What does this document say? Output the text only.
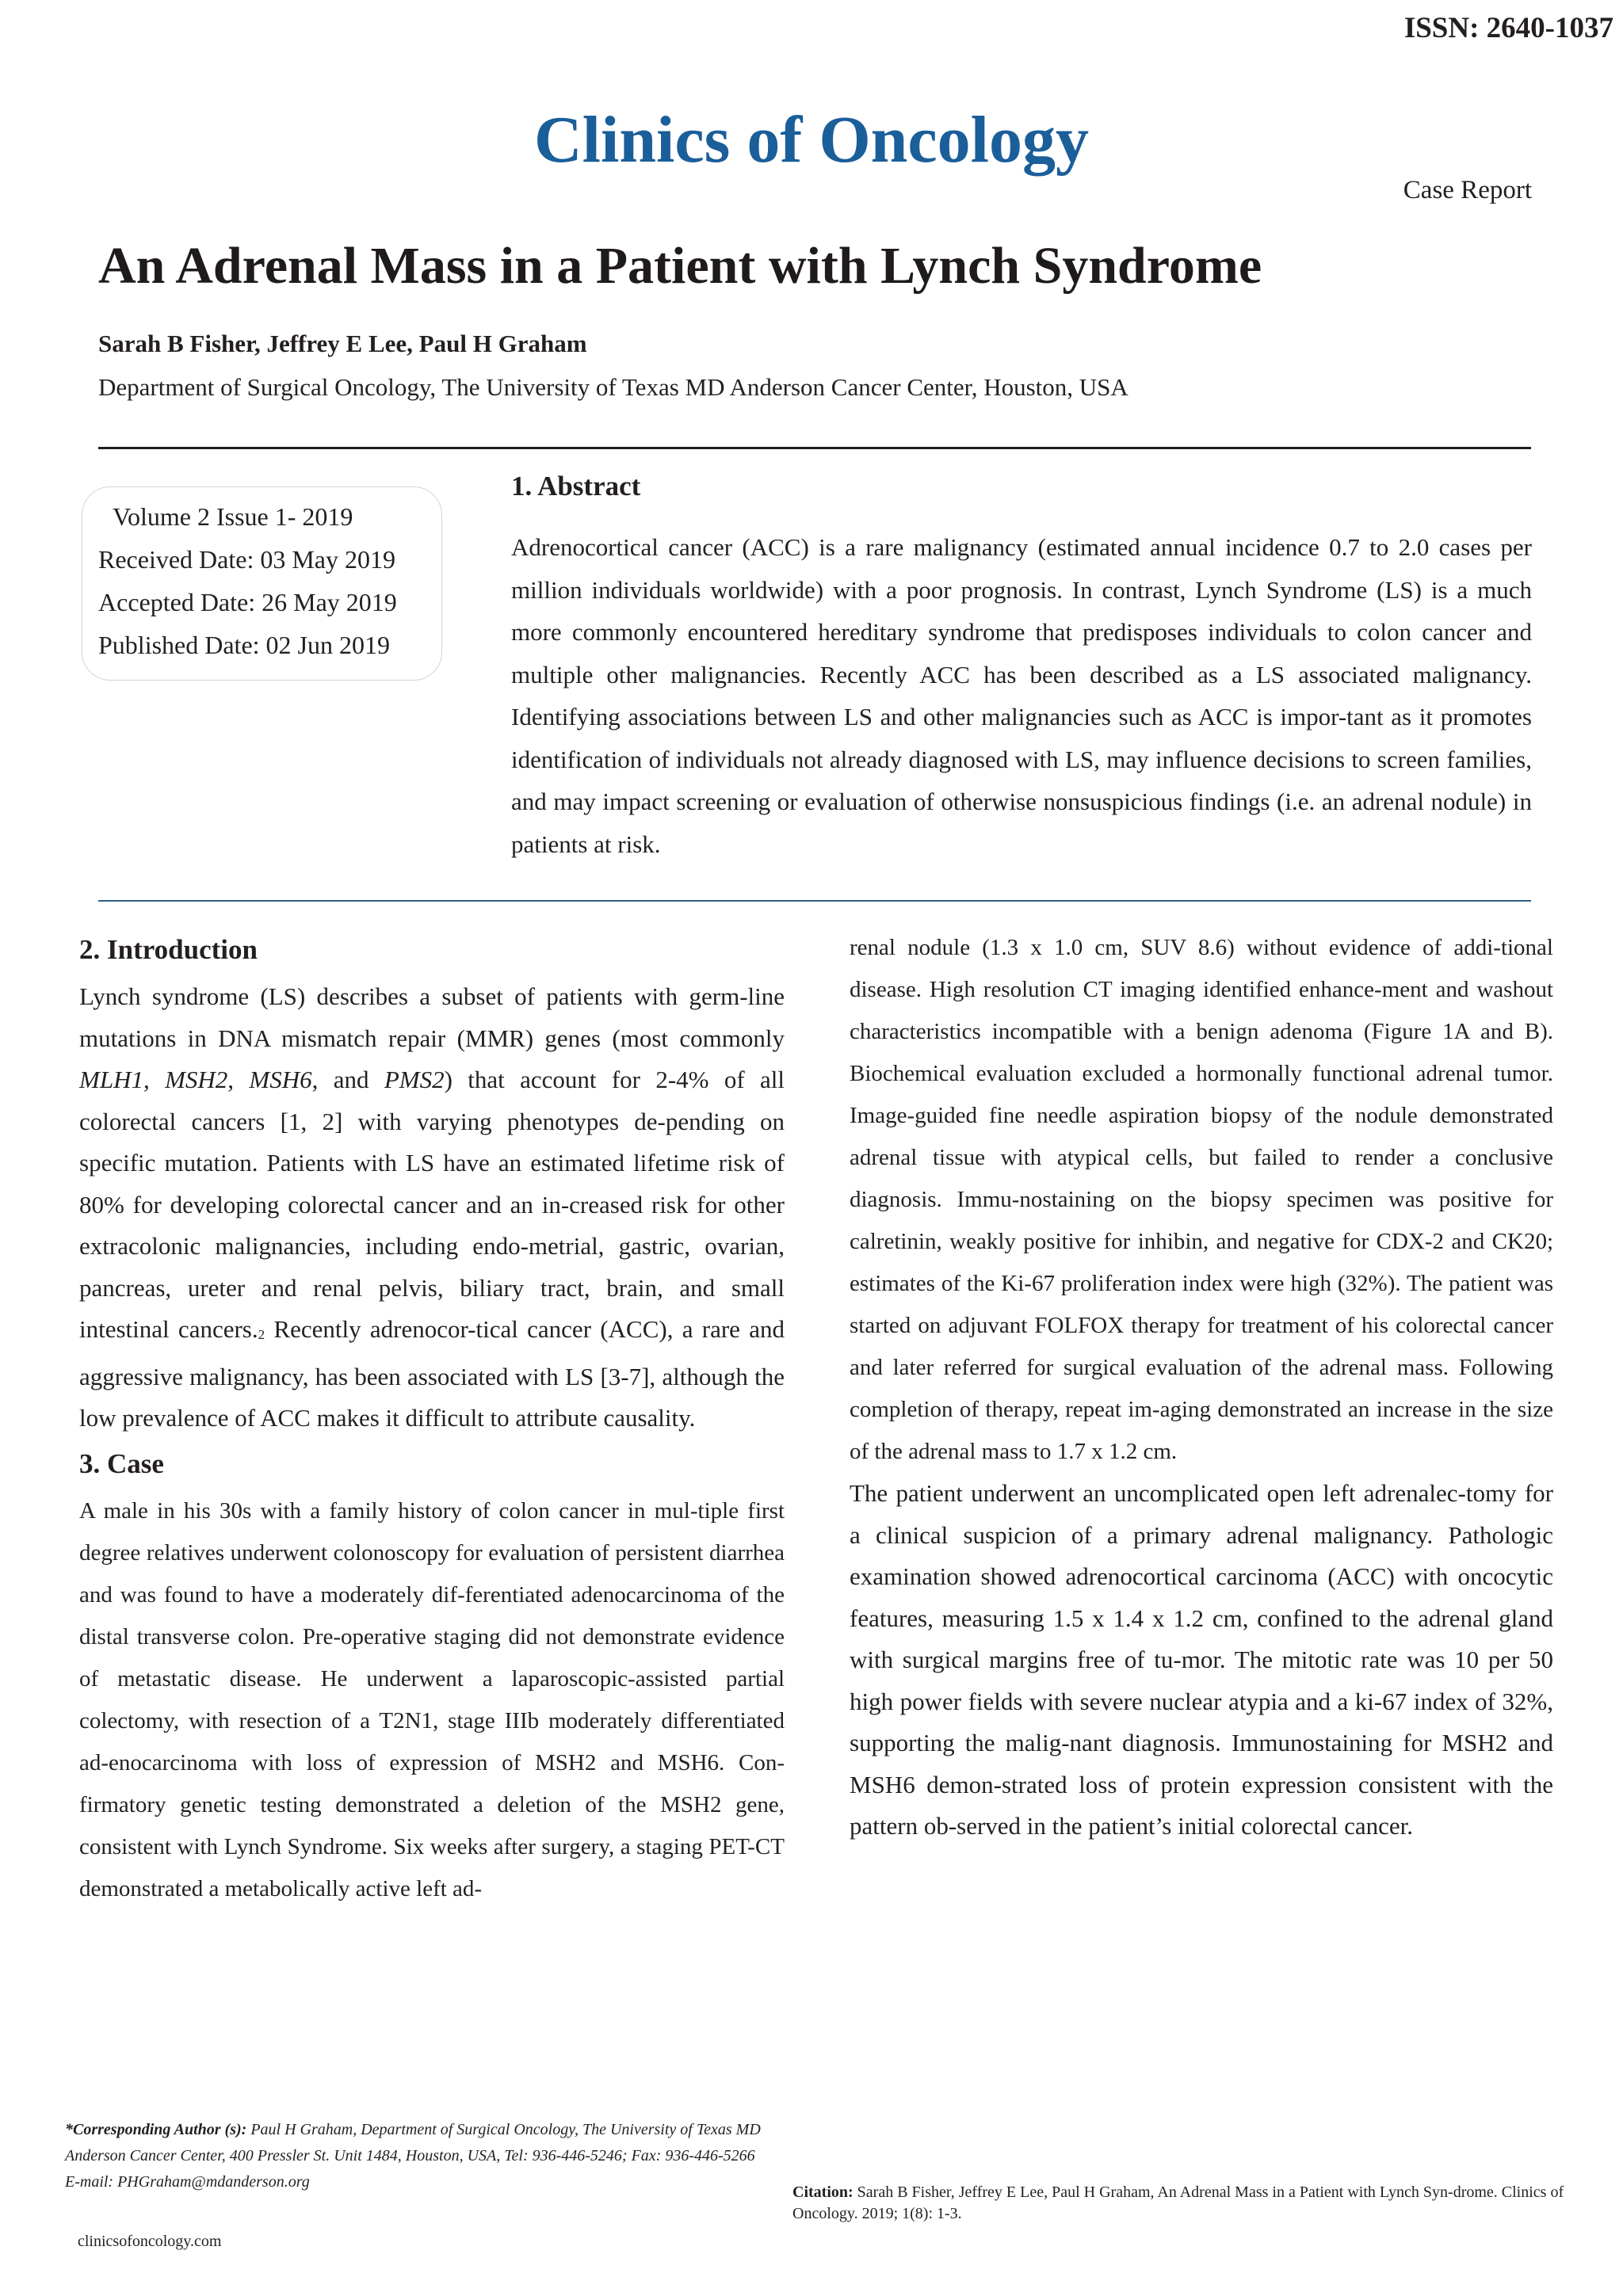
ISSN: 2640-1037
Clinics of Oncology
Case Report
An Adrenal Mass in a Patient with Lynch Syndrome
Sarah B Fisher, Jeffrey E Lee, Paul H Graham
Department of Surgical Oncology, The University of Texas MD Anderson Cancer Center, Houston, USA
Volume 2 Issue 1- 2019
Received Date: 03 May 2019
Accepted Date: 26 May 2019
Published Date: 02 Jun 2019
1. Abstract
Adrenocortical cancer (ACC) is a rare malignancy (estimated annual incidence 0.7 to 2.0 cases per million individuals worldwide) with a poor prognosis. In contrast, Lynch Syndrome (LS) is a much more commonly encountered hereditary syndrome that predisposes individuals to colon cancer and multiple other malignancies. Recently ACC has been described as a LS associated malignancy. Identifying associations between LS and other malignancies such as ACC is impor-tant as it promotes identification of individuals not already diagnosed with LS, may influence decisions to screen families, and may impact screening or evaluation of otherwise nonsuspicious findings (i.e. an adrenal nodule) in patients at risk.
2. Introduction

Lynch syndrome (LS) describes a subset of patients with germ-line mutations in DNA mismatch repair (MMR) genes (most commonly MLH1, MSH2, MSH6, and PMS2) that account for 2-4% of all colorectal cancers [1, 2] with varying phenotypes de-pending on specific mutation. Patients with LS have an estimated lifetime risk of 80% for developing colorectal cancer and an in-creased risk for other extracolonic malignancies, including endo-metrial, gastric, ovarian, pancreas, ureter and renal pelvis, biliary tract, brain, and small intestinal cancers.2 Recently adrenocor-tical cancer (ACC), a rare and aggressive malignancy, has been associated with LS [3-7], although the low prevalence of ACC makes it difficult to attribute causality.

3. Case

A male in his 30s with a family history of colon cancer in mul-tiple first degree relatives underwent colonoscopy for evaluation of persistent diarrhea and was found to have a moderately dif-ferentiated adenocarcinoma of the distal transverse colon. Pre-operative staging did not demonstrate evidence of metastatic disease. He underwent a laparoscopic-assisted partial colectomy, with resection of a T2N1, stage IIIb moderately differentiated ad-enocarcinoma with loss of expression of MSH2 and MSH6. Con-firmatory genetic testing demonstrated a deletion of the MSH2 gene, consistent with Lynch Syndrome. Six weeks after surgery, a staging PET-CT demonstrated a metabolically active left ad-

renal nodule (1.3 x 1.0 cm, SUV 8.6) without evidence of addi-tional disease. High resolution CT imaging identified enhance-ment and washout characteristics incompatible with a benign adenoma (Figure 1A and B). Biochemical evaluation excluded a hormonally functional adrenal tumor. Image-guided fine needle aspiration biopsy of the nodule demonstrated adrenal tissue with atypical cells, but failed to render a conclusive diagnosis. Immu-nostaining on the biopsy specimen was positive for calretinin, weakly positive for inhibin, and negative for CDX-2 and CK20; estimates of the Ki-67 proliferation index were high (32%). The patient was started on adjuvant FOLFOX therapy for treatment of his colorectal cancer and later referred for surgical evaluation of the adrenal mass. Following completion of therapy, repeat im-aging demonstrated an increase in the size of the adrenal mass to 1.7 x 1.2 cm.

The patient underwent an uncomplicated open left adrenalec-tomy for a clinical suspicion of a primary adrenal malignancy. Pathologic examination showed adrenocortical carcinoma (ACC) with oncocytic features, measuring 1.5 x 1.4 x 1.2 cm, confined to the adrenal gland with surgical margins free of tu-mor. The mitotic rate was 10 per 50 high power fields with severe nuclear atypia and a ki-67 index of 32%, supporting the malig-nant diagnosis. Immunostaining for MSH2 and MSH6 demon-strated loss of protein expression consistent with the pattern ob-served in the patient’s initial colorectal cancer.

*Corresponding Author (s): Paul H Graham, Department of Surgical Oncology, The University of Texas MD Anderson Cancer Center, 400 Pressler St. Unit 1484, Houston, USA, Tel: 936-446-5246; Fax: 936-446-5266 E-mail: PHGraham@mdanderson.org
Citation: Sarah B Fisher, Jeffrey E Lee, Paul H Graham, An Adrenal Mass in a Patient with Lynch Syn-drome. Clinics of Oncology. 2019; 1(8): 1-3.
clinicsofoncology.com
